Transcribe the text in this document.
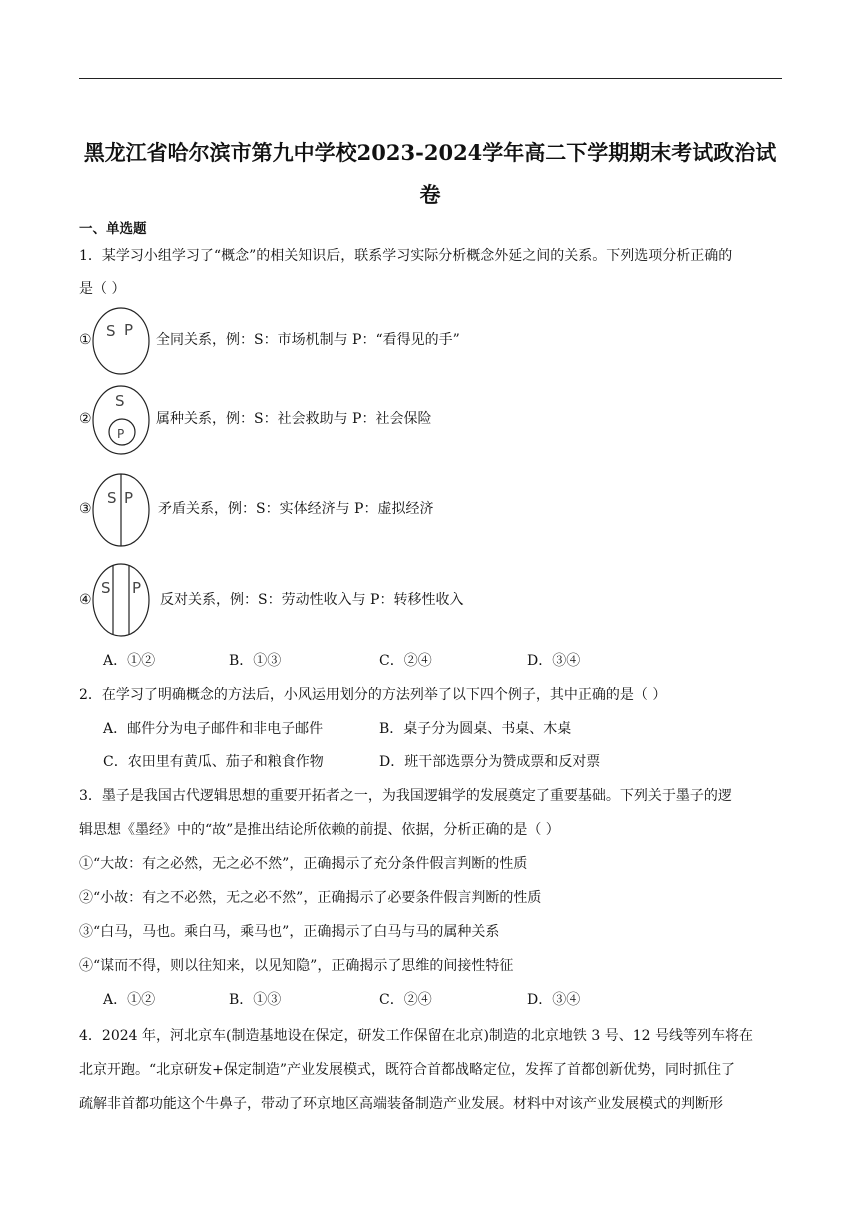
黑龙江省哈尔滨市第九中学校2023-2024学年高二下学期期末考试政治试
卷
一、单选题
1．某学习小组学习了“概念”的相关知识后，联系学习实际分析概念外延之间的关系。下列选项分析正确的
是（ ）
① S P
全同关系，例：S：市场机制与 P：“看得见的手”
②
S
P
属种关系，例：S：社会救助与 P：社会保险
③
S P
矛盾关系，例：S：实体经济与 P：虚拟经济
④
S P
反对关系，例：S：劳动性收入与 P：转移性收入
A．①②	B．①③	C．②④	D．③④
2．在学习了明确概念的方法后，小风运用划分的方法列举了以下四个例子，其中正确的是（ ）
A．邮件分为电子邮件和非电子邮件	B．桌子分为圆桌、书桌、木桌
C．农田里有黄瓜、茄子和粮食作物	D．班干部选票分为赞成票和反对票
3．墨子是我国古代逻辑思想的重要开拓者之一，为我国逻辑学的发展奠定了重要基础。下列关于墨子的逻
辑思想《墨经》中的“故”是推出结论所依赖的前提、依据，分析正确的是（ ）
①“大故：有之必然，无之必不然”，正确揭示了充分条件假言判断的性质
②“小故：有之不必然，无之必不然”，正确揭示了必要条件假言判断的性质
③“白马，马也。乘白马，乘马也”，正确揭示了白马与马的属种关系
④“谋而不得，则以往知来，以见知隐”，正确揭示了思维的间接性特征
A．①②	B．①③	C．②④	D．③④
4．2024 年，河北京车(制造基地设在保定，研发工作保留在北京)制造的北京地铁 3 号、12 号线等列车将在
北京开跑。“北京研发+保定制造”产业发展模式，既符合首都战略定位，发挥了首都创新优势，同时抓住了
疏解非首都功能这个牛鼻子，带动了环京地区高端装备制造产业发展。材料中对该产业发展模式的判断形
